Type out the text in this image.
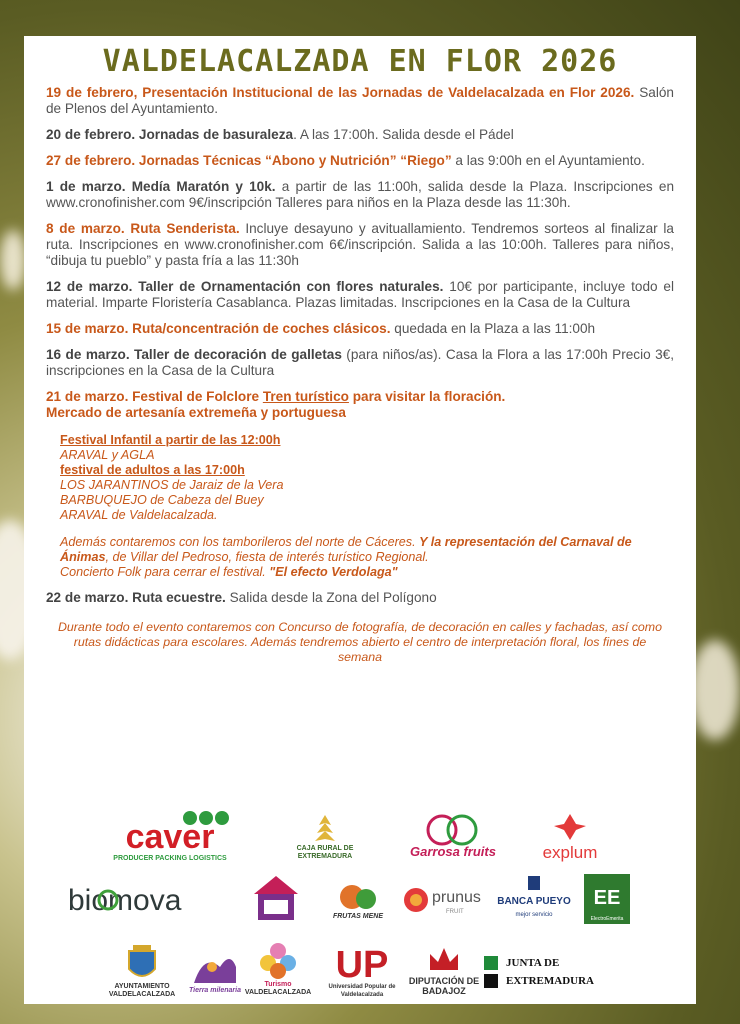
VALDELACALZADA EN FLOR 2026
19 de febrero, Presentación Institucional de las Jornadas de Valdelacalzada en Flor 2026. Salón de Plenos del Ayuntamiento.
20 de febrero. Jornadas de basuraleza. A las 17:00h. Salida desde el Pádel
27 de febrero. Jornadas Técnicas “Abono y Nutrición” “Riego” a las 9:00h en el Ayuntamiento.
1 de marzo. Medía Maratón y 10k. a partir de las 11:00h, salida desde la Plaza. Inscripciones en www.cronofinisher.com 9€/inscripción Talleres para niños en la Plaza desde las 11:30h.
8 de marzo. Ruta Senderista. Incluye desayuno y avituallamiento. Tendremos sorteos al finalizar la ruta. Inscripciones en www.cronofinisher.com 6€/inscripción. Salida a las 10:00h. Talleres para niños, “dibuja tu pueblo” y pasta fría a las 11:30h
12 de marzo. Taller de Ornamentación con flores naturales. 10€ por participante, incluye todo el material. Imparte Floristería Casablanca. Plazas limitadas. Inscripciones en la Casa de la Cultura
15 de marzo. Ruta/concentración de coches clásicos. quedada en la Plaza a las 11:00h
16 de marzo. Taller de decoración de galletas (para niños/as). Casa la Flora a las 17:00h Precio 3€, inscripciones en la Casa de la Cultura
21 de marzo. Festival de Folclore Tren turístico para visitar la floración.
Mercado de artesanía extremeña y portuguesa
Festival Infantil a partir de las 12:00h
ARAVAL y AGLA
festival de adultos a las 17:00h
LOS JARANTINOS de Jaraiz de la Vera
BARBUQUEJO de Cabeza del Buey
ARAVAL de Valdelacalzada.
Además contaremos con los tamborileros del norte de Cáceres. Y la representación del Carnaval de Ánimas, de Villar del Pedroso, fiesta de interés turístico Regional.
Concierto Folk para cerrar el festival. "El efecto Verdolaga"
22 de marzo. Ruta ecuestre. Salida desde la Zona del Polígono
Durante todo el evento contaremos con Concurso de fotografía, de decoración en calles y fachadas, así como rutas didácticas para escolares. Además tendremos abierto el centro de interpretación floral, los fines de semana
caver
PRODUCER PACKING LOGISTICS
CAJA RURAL DE EXTREMADURA	Garrosa fruits	explum
biomova	FRUTAS MENE
prunus
FRUIT
BANCA PUEYO
mejor servicio
EE
ElectroEmerita
AYUNTAMIENTO VALDELACALZADA
Tierra milenaria
Turismo
VALDELACALZADA
UP
Universidad Popular de Valdelacalzada
DIPUTACIÓN DE BADAJOZ
JUNTA DE
EXTREMADURA
